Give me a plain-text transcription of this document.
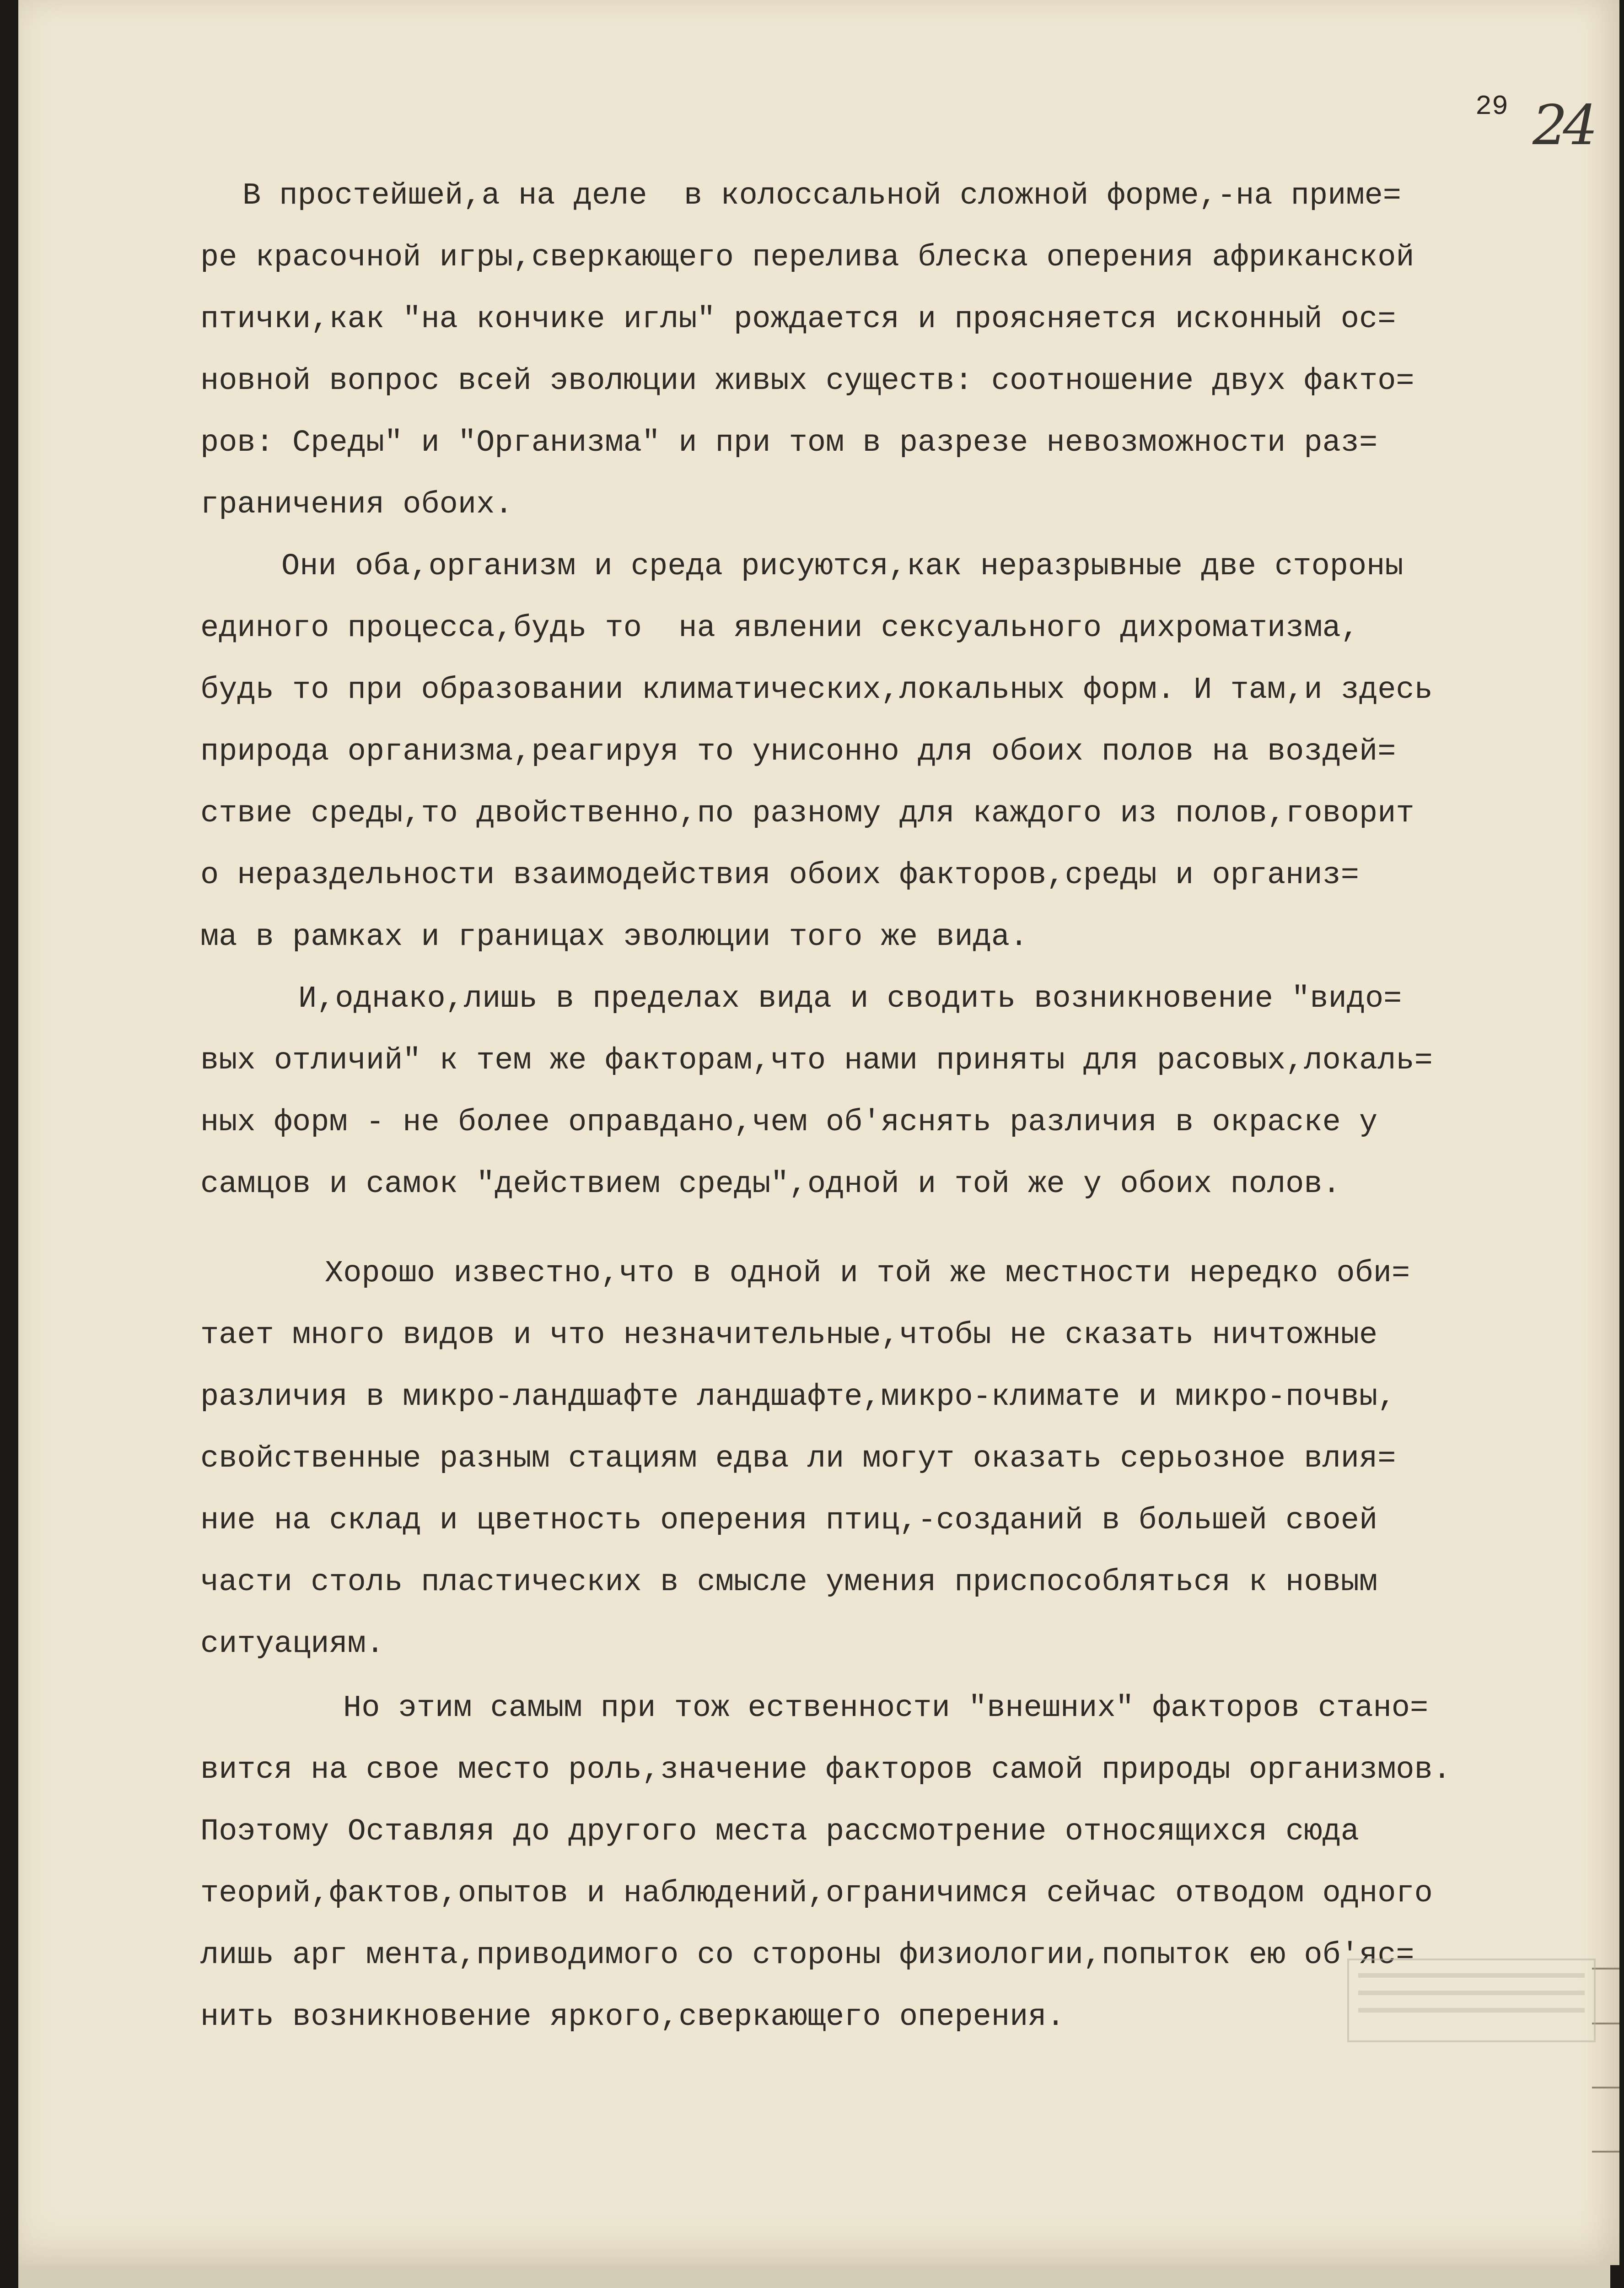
29 24

В простейшей,а на деле  в колоссальной сложной форме,-на приме=

ре красочной игры,сверкающего перелива блеска оперения африканской

птички,как "на кончике иглы" рождается и проясняется исконный ос=

новной вопрос всей эволюции живых существ: соотношение двух факто=

ров: Среды" и "Организма" и при том в разрезе невозможности раз=

граничения обоих.

Они оба,организм и среда рисуются,как неразрывные две стороны

единого процесса,будь то  на явлении сексуального дихроматизма,

будь то при образовании климатических,локальных форм. И там,и здесь

природа организма,реагируя то унисонно для обоих полов на воздей=

ствие среды,то двойственно,по разному для каждого из полов,говорит

о нераздельности взаимодействия обоих факторов,среды и организ=

ма в рамках и границах эволюции того же вида.

И,однако,лишь в пределах вида и сводить возникновение "видо=

вых отличий" к тем же факторам,что нами приняты для расовых,локаль=

ных форм - не более оправдано,чем об'яснять различия в окраске у

самцов и самок "действием среды",одной и той же у обоих полов.

Хорошо известно,что в одной и той же местности нередко оби=

тает много видов и что незначительные,чтобы не сказать ничтожные

различия в микро-ландшафте ландшафте,микро-климате и микро-почвы,

свойственные разным стациям едва ли могут оказать серьозное влия=

ние на склад и цветность оперения птиц,-созданий в большей своей

части столь пластических в смысле умения приспособляться к новым

ситуациям.

Но этим самым при тож ественности "внешних" факторов стано=

вится на свое место роль,значение факторов самой природы организмов.

Поэтому Оставляя до другого места рассмотрение относящихся сюда

теорий,фактов,опытов и наблюдений,ограничимся сейчас отводом одного

лишь арг мента,приводимого со стороны физиологии,попыток ею об'яс=

нить возникновение яркого,сверкающего оперения.
